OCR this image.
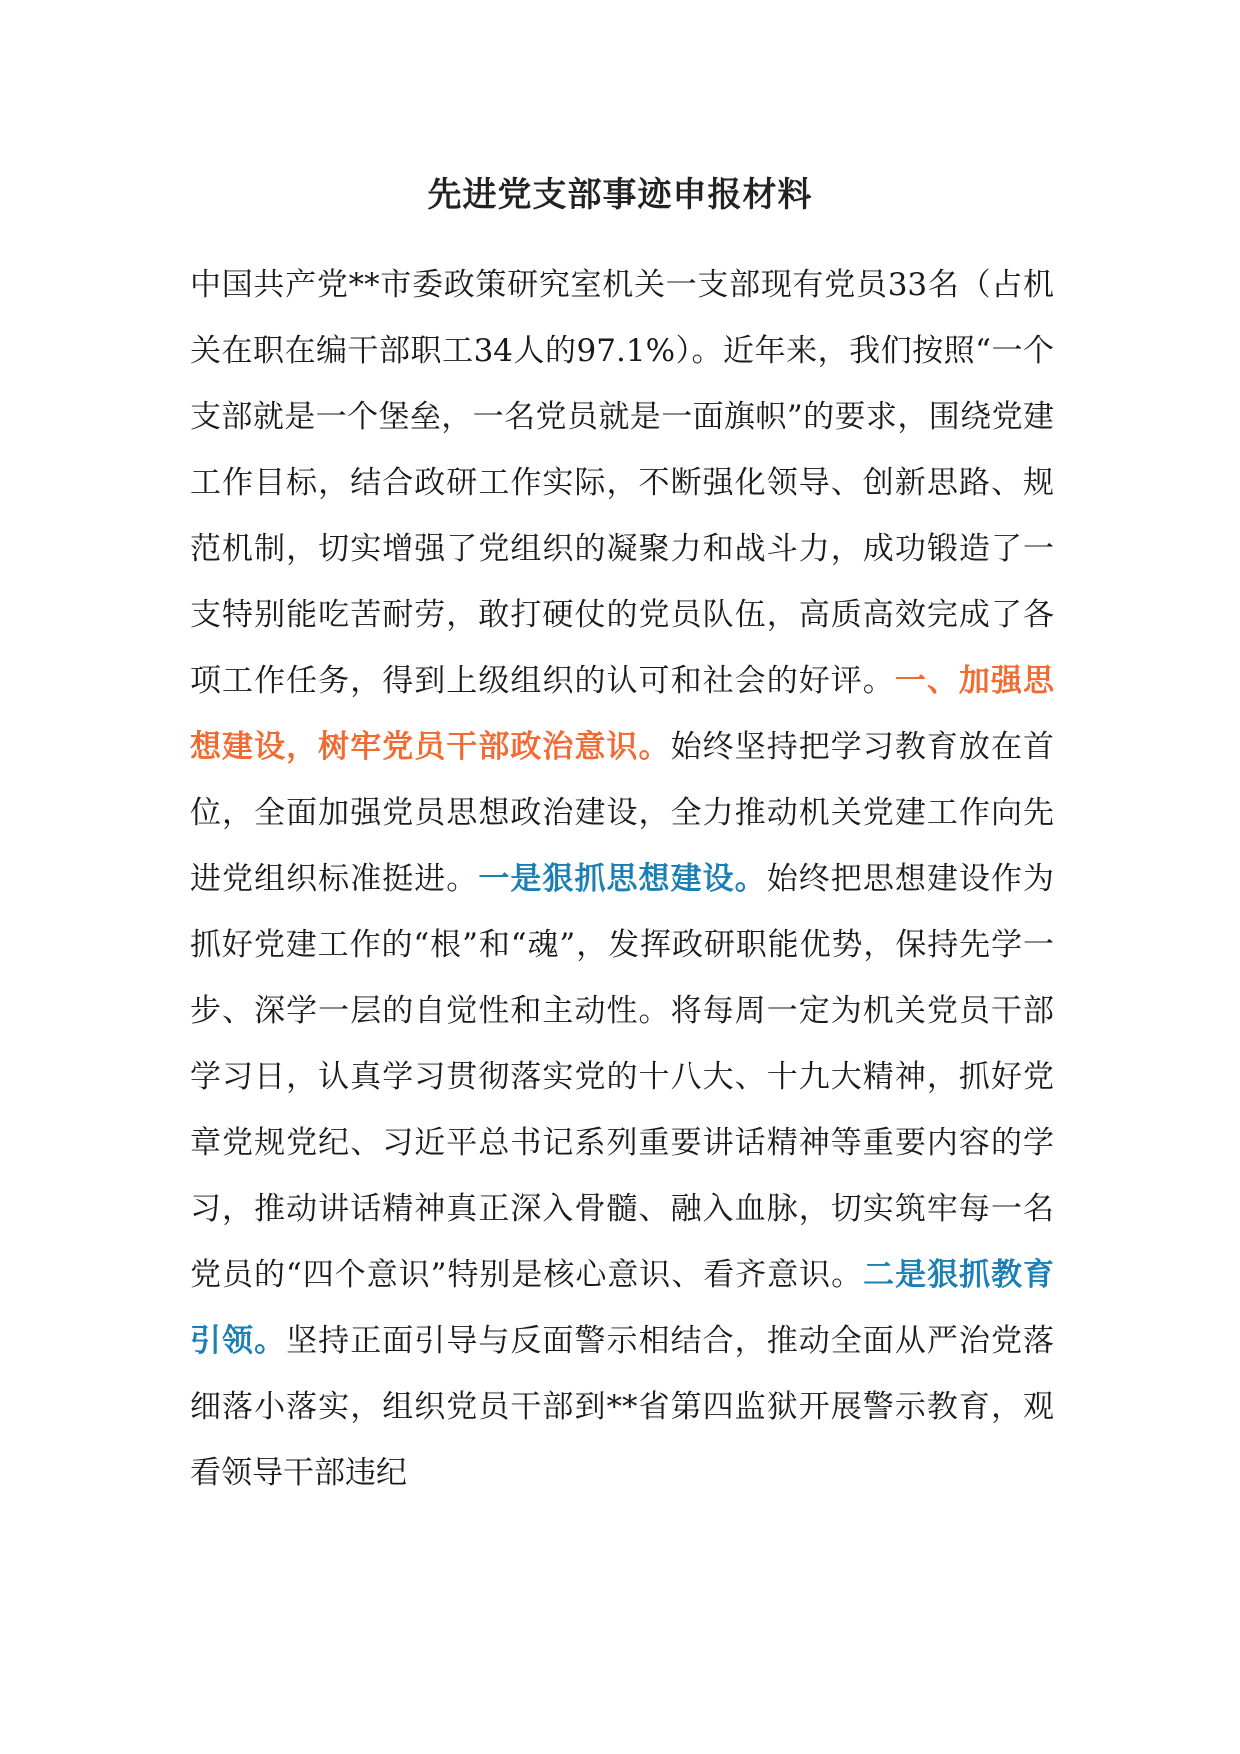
先进党支部事迹申报材料

中国共产党**市委政策研究室机关一支部现有党员33名（占机关在职在编干部职工34人的97.1%）。近年来，我们按照“一个支部就是一个堡垒，一名党员就是一面旗帜”的要求，围绕党建工作目标，结合政研工作实际，不断强化领导、创新思路、规范机制，切实增强了党组织的凝聚力和战斗力，成功锻造了一支特别能吃苦耐劳，敢打硬仗的党员队伍，高质高效完成了各项工作任务，得到上级组织的认可和社会的好评。一、加强思想建设，树牢党员干部政治意识。始终坚持把学习教育放在首位，全面加强党员思想政治建设，全力推动机关党建工作向先进党组织标准挺进。一是狠抓思想建设。始终把思想建设作为抓好党建工作的“根”和“魂”，发挥政研职能优势，保持先学一步、深学一层的自觉性和主动性。将每周一定为机关党员干部学习日，认真学习贯彻落实党的十八大、十九大精神，抓好党章党规党纪、习近平总书记系列重要讲话精神等重要内容的学习，推动讲话精神真正深入骨髓、融入血脉，切实筑牢每一名党员的“四个意识”特别是核心意识、看齐意识。二是狠抓教育引领。坚持正面引导与反面警示相结合，推动全面从严治党落细落小落实，组织党员干部到**省第四监狱开展警示教育，观看领导干部违纪
